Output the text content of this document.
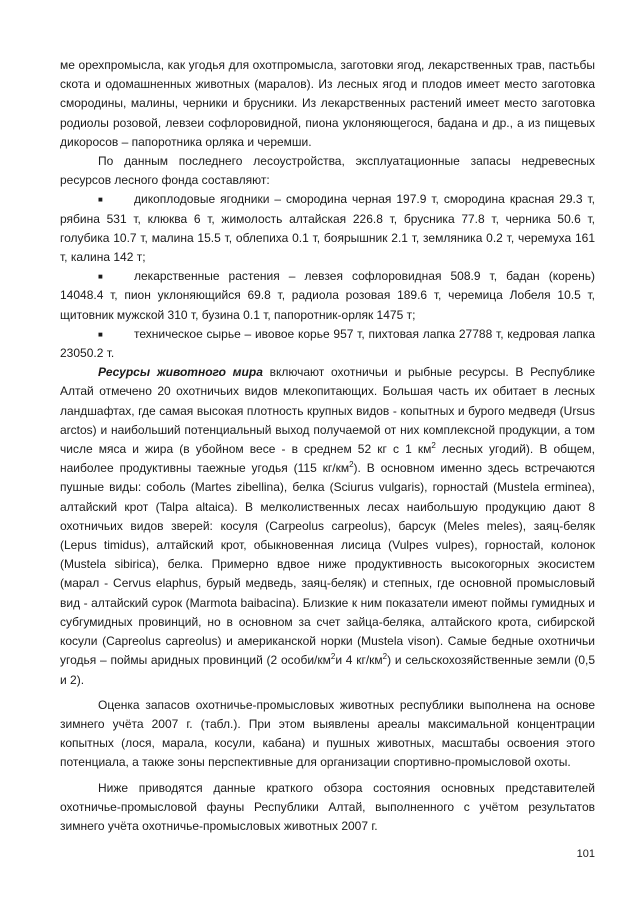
ме орехпромысла, как угодья для охотпромысла, заготовки ягод, лекарственных трав, пастьбы скота и одомашненных животных (маралов). Из лесных ягод и плодов имеет место заготовка смородины, малины, черники и брусники. Из лекарственных растений имеет место заготовка родиолы розовой, левзеи софлоровидной, пиона уклоняющегося, бадана и др., а из пищевых дикоросов – папоротника орляка и черемши.

По данным последнего лесоустройства, эксплуатационные запасы недревесных ресурсов лесного фонда составляют:

■	дикоплодовые ягодники – смородина черная 197.9 т, смородина красная 29.3 т, рябина 531 т, клюква 6 т, жимолость алтайская 226.8 т, брусника 77.8 т, черника 50.6 т, голубика 10.7 т, малина 15.5 т, облепиха 0.1 т, боярышник 2.1 т, земляника 0.2 т, черемуха 161 т, калина 142 т;

■	лекарственные растения – левзея софлоровидная 508.9 т, бадан (корень) 14048.4 т, пион уклоняющийся 69.8 т, радиола розовая 189.6 т, черемица Лобеля 10.5 т, щитовник мужской 310 т, бузина 0.1 т, папоротник-орляк 1475 т;

■	техническое сырье – ивовое корье 957 т, пихтовая лапка 27788 т, кедровая лапка 23050.2 т.

Ресурсы животного мира включают охотничьи и рыбные ресурсы. В Республике Алтай отмечено 20 охотничьих видов млекопитающих. Большая часть их обитает в лесных ландшафтах, где самая высокая плотность крупных видов - копытных и бурого медведя (Ursus arctos) и наибольший потенциальный выход получаемой от них комплексной продукции, а том числе мяса и жира (в убойном весе - в среднем 52 кг с 1 $км^2$ лесных угодий). В общем, наиболее продуктивны таежные угодья (115 $кг/км^2$). В основном именно здесь встречаются пушные виды: соболь (Martes zibellina), белка (Sciurus vulgaris), горностай (Mustela erminea), алтайский крот (Talpa altaica). В мелколиственных лесах наибольшую продукцию дают 8 охотничьих видов зверей: косуля (Carpeolus carpeolus), барсук (Meles meles), заяц-беляк (Lepus timidus), алтайский крот, обыкновенная лисица (Vulpes vulpes), горностай, колонок (Mustela sibirica), белка. Примерно вдвое ниже продуктивность высокогорных экосистем (марал - Cervus elaphus, бурый медведь, заяц-беляк) и степных, где основной промысловый вид - алтайский сурок (Marmota baibacina). Близкие к ним показатели имеют поймы гумидных и субгумидных провинций, но в основном за счет зайца-беляка, алтайского крота, сибирской косули (Capreolus capreolus) и американской норки (Mustela vison). Самые бедные охотничьи угодья – поймы аридных провинций (2 особи/$км^2и$ 4 $кг/км^2$) и сельскохозяйственные земли (0,5 и 2).

Оценка запасов охотничье-промысловых животных республики выполнена на основе зимнего учёта 2007 г. (табл.). При этом выявлены ареалы максимальной концентрации копытных (лося, марала, косули, кабана) и пушных животных, масштабы освоения этого потенциала, а также зоны перспективные для организации спортивно-промысловой охоты.

Ниже приводятся данные краткого обзора состояния основных представителей охотничье-промысловой фауны Республики Алтай, выполненного с учётом результатов зимнего учёта охотничье-промысловых животных 2007 г.

101
